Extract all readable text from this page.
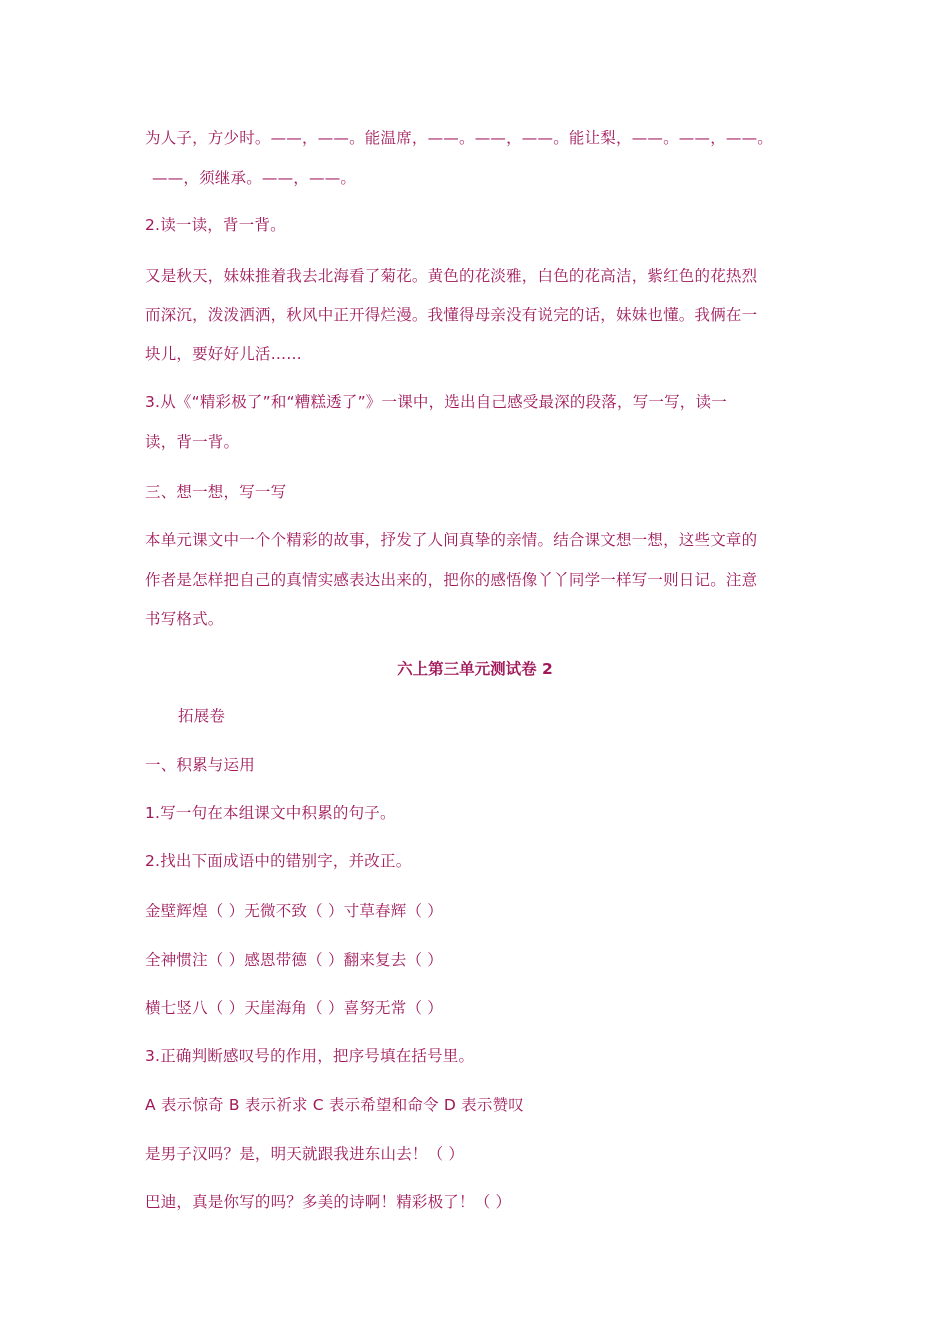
为人子，方少时。——，——。能温席，——。——，——。能让梨，——。——，——。
——，须继承。——，——。
2.读一读，背一背。
又是秋天，妹妹推着我去北海看了菊花。黄色的花淡雅，白色的花高洁，紫红色的花热烈
而深沉，泼泼洒洒，秋风中正开得烂漫。我懂得母亲没有说完的话，妹妹也懂。我俩在一
块儿，要好好儿活……
3.从《“精彩极了”和“糟糕透了”》一课中，选出自己感受最深的段落，写一写，读一
读，背一背。
三、想一想，写一写
本单元课文中一个个精彩的故事，抒发了人间真挚的亲情。结合课文想一想，这些文章的
作者是怎样把自己的真情实感表达出来的，把你的感悟像丫丫同学一样写一则日记。注意
书写格式。
六上第三单元测试卷 2
拓展卷
一、积累与运用
1.写一句在本组课文中积累的句子。
2.找出下面成语中的错别字，并改正。
金壁辉煌（ ）无微不致（ ）寸草春辉（ ）
全神惯注（ ）感恩带德（ ）翻来复去（ ）
横七竖八（ ）天崖海角（ ）喜努无常（ ）
3.正确判断感叹号的作用，把序号填在括号里。
A 表示惊奇 B 表示祈求 C 表示希望和命令 D 表示赞叹
是男子汉吗？是，明天就跟我进东山去！（ ）
巴迪，真是你写的吗？多美的诗啊！精彩极了！（ ）
